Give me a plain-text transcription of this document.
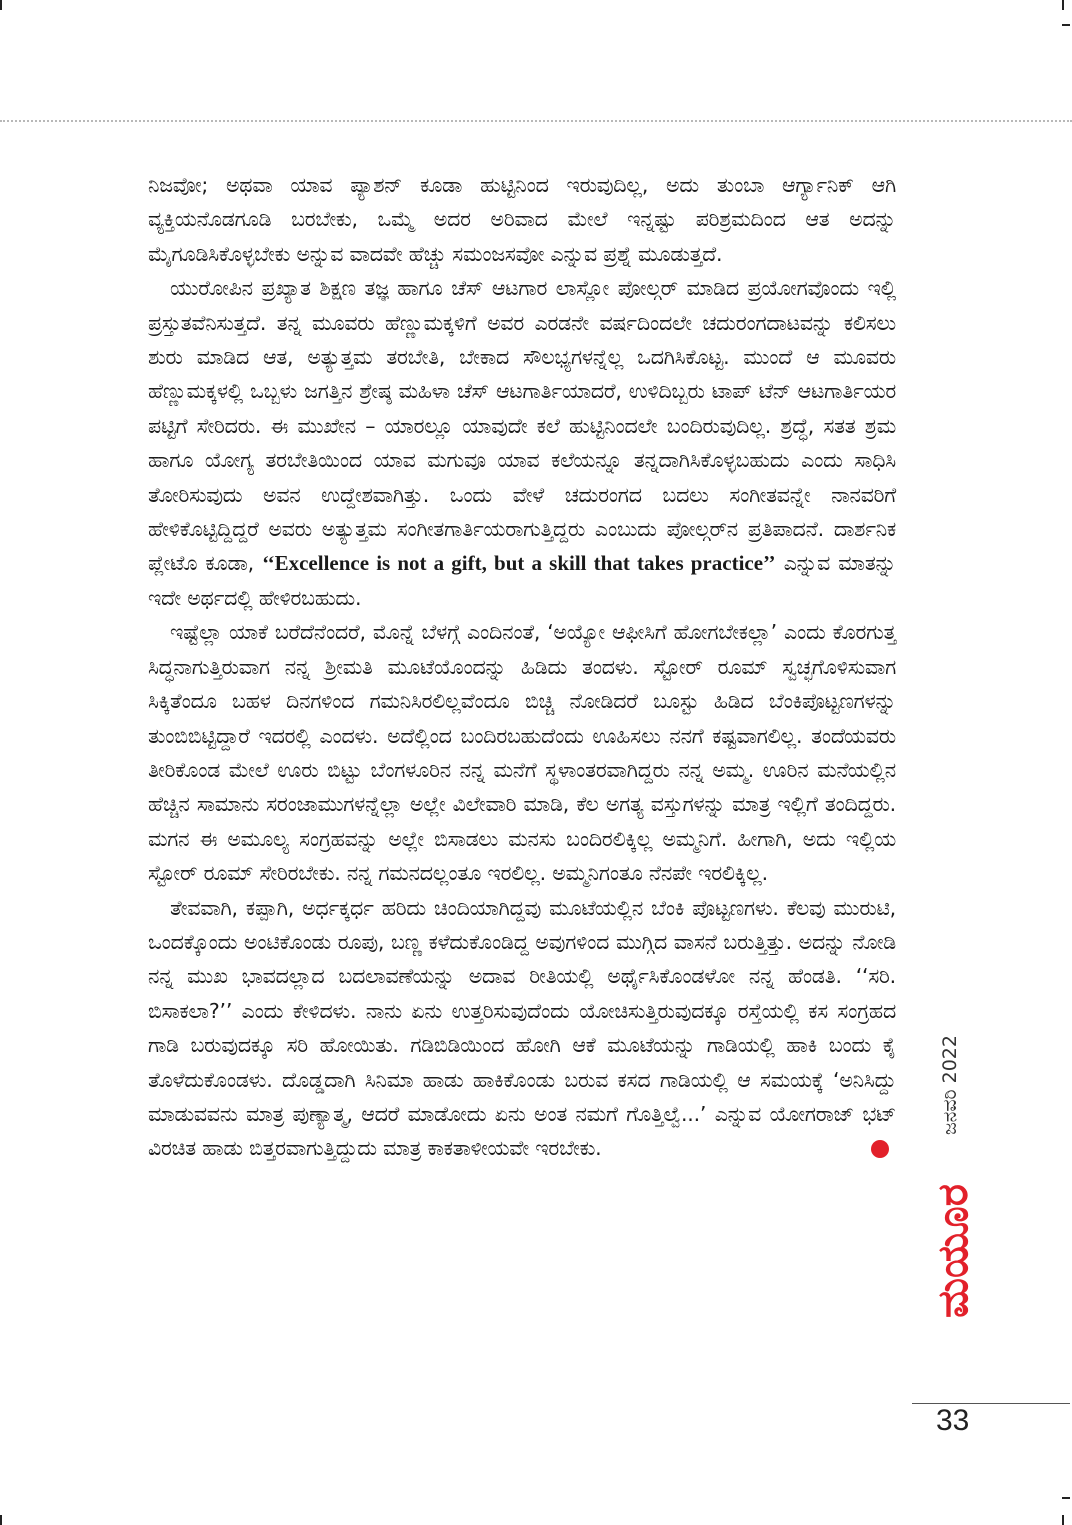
ನಿಜವೋ; ಅಥವಾ ಯಾವ ಪ್ಯಾಶನ್ ಕೂಡಾ ಹುಟ್ಟಿನಿಂದ ಇರುವುದಿಲ್ಲ, ಅದು ತುಂಬಾ ಆರ್ಗ್ಯಾನಿಕ್ ಆಗಿ ವ್ಯಕ್ತಿಯನೊಡಗೂಡಿ ಬರಬೇಕು, ಒಮ್ಮೆ ಅದರ ಅರಿವಾದ ಮೇಲೆ ಇನ್ನಷ್ಟು ಪರಿಶ್ರಮದಿಂದ ಆತ ಅದನ್ನು ಮೈಗೂಡಿಸಿಕೊಳ್ಳಬೇಕು ಅನ್ನುವ ವಾದವೇ ಹೆಚ್ಚು ಸಮಂಜಸವೋ ಎನ್ನುವ ಪ್ರಶ್ನೆ ಮೂಡುತ್ತದೆ.

ಯುರೋಪಿನ ಪ್ರಖ್ಯಾತ ಶಿಕ್ಷಣ ತಜ್ಞ ಹಾಗೂ ಚೆಸ್ ಆಟಗಾರ ಲಾಸ್ಲೋ ಪೋಲ್ಗರ್ ಮಾಡಿದ ಪ್ರಯೋಗವೊಂದು ಇಲ್ಲಿ ಪ್ರಸ್ತುತವೆನಿಸುತ್ತದೆ. ತನ್ನ ಮೂವರು ಹೆಣ್ಣುಮಕ್ಕಳಿಗೆ ಅವರ ಎರಡನೇ ವರ್ಷದಿಂದಲೇ ಚದುರಂಗದಾಟವನ್ನು ಕಲಿಸಲು ಶುರು ಮಾಡಿದ ಆತ, ಅತ್ಯುತ್ತಮ ತರಬೇತಿ, ಬೇಕಾದ ಸೌಲಭ್ಯಗಳನ್ನೆಲ್ಲ ಒದಗಿಸಿಕೊಟ್ಟ. ಮುಂದೆ ಆ ಮೂವರು ಹೆಣ್ಣುಮಕ್ಕಳಲ್ಲಿ ಒಬ್ಬಳು ಜಗತ್ತಿನ ಶ್ರೇಷ್ಠ ಮಹಿಳಾ ಚೆಸ್ ಆಟಗಾರ್ತಿಯಾದರೆ, ಉಳಿದಿಬ್ಬರು ಟಾಪ್ ಟೆನ್ ಆಟಗಾರ್ತಿಯರ ಪಟ್ಟಿಗೆ ಸೇರಿದರು. ಈ ಮುಖೇನ – ಯಾರಲ್ಲೂ ಯಾವುದೇ ಕಲೆ ಹುಟ್ಟಿನಿಂದಲೇ ಬಂದಿರುವುದಿಲ್ಲ. ಶ್ರದ್ಧೆ, ಸತತ ಶ್ರಮ ಹಾಗೂ ಯೋಗ್ಯ ತರಬೇತಿಯಿಂದ ಯಾವ ಮಗುವೂ ಯಾವ ಕಲೆಯನ್ನೂ ತನ್ನದಾಗಿಸಿಕೊಳ್ಳಬಹುದು ಎಂದು ಸಾಧಿಸಿ ತೋರಿಸುವುದು ಅವನ ಉದ್ದೇಶವಾಗಿತ್ತು. ಒಂದು ವೇಳೆ ಚದುರಂಗದ ಬದಲು ಸಂಗೀತವನ್ನೇ ನಾನವರಿಗೆ ಹೇಳಿಕೊಟ್ಟಿದ್ದಿದ್ದರೆ ಅವರು ಅತ್ಯುತ್ತಮ ಸಂಗೀತಗಾರ್ತಿಯರಾಗುತ್ತಿದ್ದರು ಎಂಬುದು ಪೋಲ್ಗರ್‌ನ ಪ್ರತಿಪಾದನೆ. ದಾರ್ಶನಿಕ ಪ್ಲೇಟೊ ಕೂಡಾ, ‘‘Excellence is not a gift, but a skill that takes practice’’ ಎನ್ನುವ ಮಾತನ್ನು ಇದೇ ಅರ್ಥದಲ್ಲಿ ಹೇಳಿರಬಹುದು.

ಇಷ್ಟೆಲ್ಲಾ ಯಾಕೆ ಬರೆದೆನೆಂದರೆ, ಮೊನ್ನೆ ಬೆಳಗ್ಗೆ ಎಂದಿನಂತೆ, ‘ಅಯ್ಯೋ ಆಫೀಸಿಗೆ ಹೋಗಬೇಕಲ್ಲಾ’ ಎಂದು ಕೊರಗುತ್ತ ಸಿದ್ಧನಾಗುತ್ತಿರುವಾಗ ನನ್ನ ಶ್ರೀಮತಿ ಮೂಟೆಯೊಂದನ್ನು ಹಿಡಿದು ತಂದಳು. ಸ್ಟೋರ್ ರೂಮ್ ಸ್ವಚ್ಛಗೊಳಿಸುವಾಗ ಸಿಕ್ಕಿತೆಂದೂ ಬಹಳ ದಿನಗಳಿಂದ ಗಮನಿಸಿರಲಿಲ್ಲವೆಂದೂ ಬಿಚ್ಚಿ ನೋಡಿದರೆ ಬೂಸ್ಟು ಹಿಡಿದ ಬೆಂಕಿಪೊಟ್ಟಣಗಳನ್ನು ತುಂಬಿಬಿಟ್ಟಿದ್ದಾರೆ ಇದರಲ್ಲಿ ಎಂದಳು. ಅದೆಲ್ಲಿಂದ ಬಂದಿರಬಹುದೆಂದು ಊಹಿಸಲು ನನಗೆ ಕಷ್ಟವಾಗಲಿಲ್ಲ. ತಂದೆಯವರು ತೀರಿಕೊಂಡ ಮೇಲೆ ಊರು ಬಿಟ್ಟು ಬೆಂಗಳೂರಿನ ನನ್ನ ಮನೆಗೆ ಸ್ಥಳಾಂತರವಾಗಿದ್ದರು ನನ್ನ ಅಮ್ಮ. ಊರಿನ ಮನೆಯಲ್ಲಿನ ಹೆಚ್ಚಿನ ಸಾಮಾನು ಸರಂಜಾಮುಗಳನ್ನೆಲ್ಲಾ ಅಲ್ಲೇ ವಿಲೇವಾರಿ ಮಾಡಿ, ಕೆಲ ಅಗತ್ಯ ವಸ್ತುಗಳನ್ನು ಮಾತ್ರ ಇಲ್ಲಿಗೆ ತಂದಿದ್ದರು. ಮಗನ ಈ ಅಮೂಲ್ಯ ಸಂಗ್ರಹವನ್ನು ಅಲ್ಲೇ ಬಿಸಾಡಲು ಮನಸು ಬಂದಿರಲಿಕ್ಕಿಲ್ಲ ಅಮ್ಮನಿಗೆ. ಹೀಗಾಗಿ, ಅದು ಇಲ್ಲಿಯ ಸ್ಟೋರ್ ರೂಮ್ ಸೇರಿರಬೇಕು. ನನ್ನ ಗಮನದಲ್ಲಂತೂ ಇರಲಿಲ್ಲ. ಅಮ್ಮನಿಗಂತೂ ನೆನಪೇ ಇರಲಿಕ್ಕಿಲ್ಲ.

ತೇವವಾಗಿ, ಕಪ್ಪಾಗಿ, ಅರ್ಧಕ್ಕರ್ಧ ಹರಿದು ಚಿಂದಿಯಾಗಿದ್ದವು ಮೂಟೆಯಲ್ಲಿನ ಬೆಂಕಿ ಪೊಟ್ಟಣಗಳು. ಕೆಲವು ಮುರುಟಿ, ಒಂದಕ್ಕೊಂದು ಅಂಟಿಕೊಂಡು ರೂಪು, ಬಣ್ಣ ಕಳೆದುಕೊಂಡಿದ್ದ ಅವುಗಳಿಂದ ಮುಗ್ಗಿದ ವಾಸನೆ ಬರುತ್ತಿತ್ತು. ಅದನ್ನು ನೋಡಿ ನನ್ನ ಮುಖ ಭಾವದಲ್ಲಾದ ಬದಲಾವಣೆಯನ್ನು ಅದಾವ ರೀತಿಯಲ್ಲಿ ಅರ್ಥೈಸಿಕೊಂಡಳೋ ನನ್ನ ಹೆಂಡತಿ. ‘‘ಸರಿ. ಬಿಸಾಕಲಾ?’’ ಎಂದು ಕೇಳಿದಳು. ನಾನು ಏನು ಉತ್ತರಿಸುವುದೆಂದು ಯೋಚಿಸುತ್ತಿರುವುದಕ್ಕೂ ರಸ್ತೆಯಲ್ಲಿ ಕಸ ಸಂಗ್ರಹದ ಗಾಡಿ ಬರುವುದಕ್ಕೂ ಸರಿ ಹೋಯಿತು. ಗಡಿಬಿಡಿಯಿಂದ ಹೋಗಿ ಆಕೆ ಮೂಟೆಯನ್ನು ಗಾಡಿಯಲ್ಲಿ ಹಾಕಿ ಬಂದು ಕೈ ತೊಳೆದುಕೊಂಡಳು. ದೊಡ್ಡದಾಗಿ ಸಿನಿಮಾ ಹಾಡು ಹಾಕಿಕೊಂಡು ಬರುವ ಕಸದ ಗಾಡಿಯಲ್ಲಿ ಆ ಸಮಯಕ್ಕೆ ‘ಅನಿಸಿದ್ದು ಮಾಡುವವನು ಮಾತ್ರ ಪುಣ್ಯಾತ್ಮ, ಆದರೆ ಮಾಡೋದು ಏನು ಅಂತ ನಮಗೆ ಗೊತ್ತಿಲ್ವೆ...’ ಎನ್ನುವ ಯೋಗರಾಜ್ ಭಟ್ ವಿರಚಿತ ಹಾಡು ಬಿತ್ತರವಾಗುತ್ತಿದ್ದುದು ಮಾತ್ರ ಕಾಕತಾಳೀಯವೇ ಇರಬೇಕು.

ಜನವರಿ 2022
ಮಯೂರ
33
